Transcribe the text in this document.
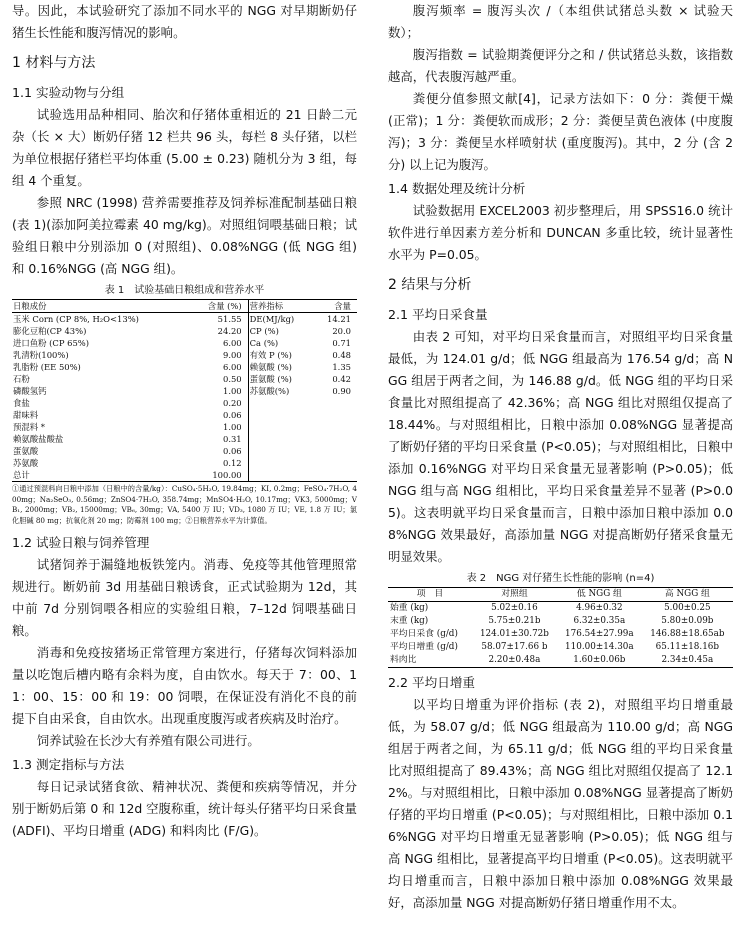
导。因此，本试验研究了添加不同水平的 NGG 对早期断奶仔猪生长性能和腹泻情况的影响。

1 材料与方法
1.1 实验动物与分组

试验选用品种相同、胎次和仔猪体重相近的 21 日龄二元杂（长 × 大）断奶仔猪 12 栏共 96 头，每栏 8 头仔猪，以栏为单位根据仔猪栏平均体重 (5.00 ± 0.23) 随机分为 3 组，每组 4 个重复。

参照 NRC (1998) 营养需要推荐及饲养标准配制基础日粮 (表 1)(添加阿美拉霉素 40 mg/kg)。对照组饲喂基础日粮；试验组日粮中分别添加 0 (对照组)、0.08%NGG (低 NGG 组) 和 0.16%NGG (高 NGG 组)。

表 1　试验基础日粮组成和营养水平
日粮成份	含量 (%)	营养指标	含量
玉米 Corn (CP 8%, H₂O<13%)	51.55	DE(MJ/kg)	14.21
膨化豆粕(CP 43%)	24.20	CP (%)	20.0
进口鱼粉 (CP 65%)	6.00	Ca (%)	0.71
乳清粉(100%)	9.00	有效 P (%)	0.48
乳脂粉 (EE 50%)	6.00	赖氨酸 (%)	1.35
石粉	0.50	蛋氨酸 (%)	0.42
磷酸氢钙	1.00	苏氨酸(%)	0.90
食盐	0.20		
甜味料	0.06		
预混料 *	1.00		
赖氨酸盐酸盐	0.31		
蛋氨酸	0.06		
苏氨酸	0.12		
总计	100.00		
①通过预混料向日粮中添加（日粮中的含量/kg）：CuSO₄·5H₂O, 19.84mg；KI, 0.2mg；FeSO₄·7H₂O, 400mg；Na₂SeO₃, 0.56mg；ZnSO4·7H₂O, 358.74mg；MnSO4·H₂O, 10.17mg；VK3, 5000mg；VB₁, 2000mg；VB₂, 15000mg；VB₆, 30mg；VA, 5400 万 IU；VD₃, 1080 万 IU；VE, 1.8 万 IU；氯化胆碱 80 mg；抗氧化剂 20 mg；防霉剂 100 mg；②日粮营养水平为计算值。
1.2 试验日粮与饲养管理

试猪饲养于漏缝地板铁笼内。消毒、免疫等其他管理照常规进行。断奶前 3d 用基础日粮诱食，正式试验期为 12d，其中前 7d 分别饲喂各相应的实验组日粮，7–12d 饲喂基础日粮。

消毒和免疫按猪场正常管理方案进行，仔猪每次饲料添加量以吃饱后槽内略有余料为度，自由饮水。每天于 7：00、11：00、15：00 和 19：00 饲喂，在保证没有消化不良的前提下自由采食，自由饮水。出现重度腹泻或者疾病及时治疗。

饲养试验在长沙大有养殖有限公司进行。

1.3 测定指标与方法

每日记录试猪食欲、精神状况、粪便和疾病等情况，并分别于断奶后第 0 和 12d 空腹称重，统计每头仔猪平均日采食量 (ADFI)、平均日增重 (ADG) 和料肉比 (F/G)。

腹泻频率 = 腹泻头次 /（本组供试猪总头数 × 试验天数）；

腹泻指数 = 试验期粪便评分之和 / 供试猪总头数，该指数越高，代表腹泻越严重。

粪便分值参照文献[4]，记录方法如下：0 分：粪便干燥 (正常)；1 分：粪便软而成形；2 分：粪便呈黄色液体 (中度腹泻)；3 分：粪便呈水样喷射状 (重度腹泻)。其中，2 分 (含 2 分) 以上记为腹泻。

1.4 数据处理及统计分析

试验数据用 EXCEL2003 初步整理后，用 SPSS16.0 统计软件进行单因素方差分析和 DUNCAN 多重比较，统计显著性水平为 P=0.05。

2 结果与分析
2.1 平均日采食量

由表 2 可知，对平均日采食量而言，对照组平均日采食量最低，为 124.01 g/d；低 NGG 组最高为 176.54 g/d；高 NGG 组居于两者之间，为 146.88 g/d。低 NGG 组的平均日采食量比对照组提高了 42.36%；高 NGG 组比对照组仅提高了 18.44%。与对照组相比，日粮中添加 0.08%NGG 显著提高了断奶仔猪的平均日采食量 (P<0.05)；与对照组相比，日粮中添加 0.16%NGG 对平均日采食量无显著影响 (P>0.05)；低 NGG 组与高 NGG 组相比，平均日采食量差异不显著 (P>0.05)。这表明就平均日采食量而言，日粮中添加日粮中添加 0.08%NGG 效果最好，高添加量 NGG 对提高断奶仔猪采食量无明显效果。

表 2　NGG 对仔猪生长性能的影响 (n=4)
项　目	对照组	低 NGG 组	高 NGG 组
始重 (kg)	5.02±0.16	4.96±0.32	5.00±0.25
末重 (kg)	5.75±0.21b	6.32±0.35a	5.80±0.09b
平均日采食 (g/d)	124.01±30.72b	176.54±27.99a	146.88±18.65ab
平均日增重 (g/d)	58.07±17.66 b	110.00±14.30a	65.11±18.16b
料肉比	2.20±0.48a	1.60±0.06b	2.34±0.45a
2.2 平均日增重

以平均日增重为评价指标 (表 2)，对照组平均日增重最低，为 58.07 g/d；低 NGG 组最高为 110.00 g/d；高 NGG 组居于两者之间，为 65.11 g/d；低 NGG 组的平均日采食量比对照组提高了 89.43%；高 NGG 组比对照组仅提高了 12.12%。与对照组相比，日粮中添加 0.08%NGG 显著提高了断奶仔猪的平均日增重 (P<0.05)；与对照组相比，日粮中添加 0.16%NGG 对平均日增重无显著影响 (P>0.05)；低 NGG 组与高 NGG 组相比，显著提高平均日增重 (P<0.05)。这表明就平均日增重而言，日粮中添加日粮中添加 0.08%NGG 效果最好，高添加量 NGG 对提高断奶仔猪日增重作用不太。
